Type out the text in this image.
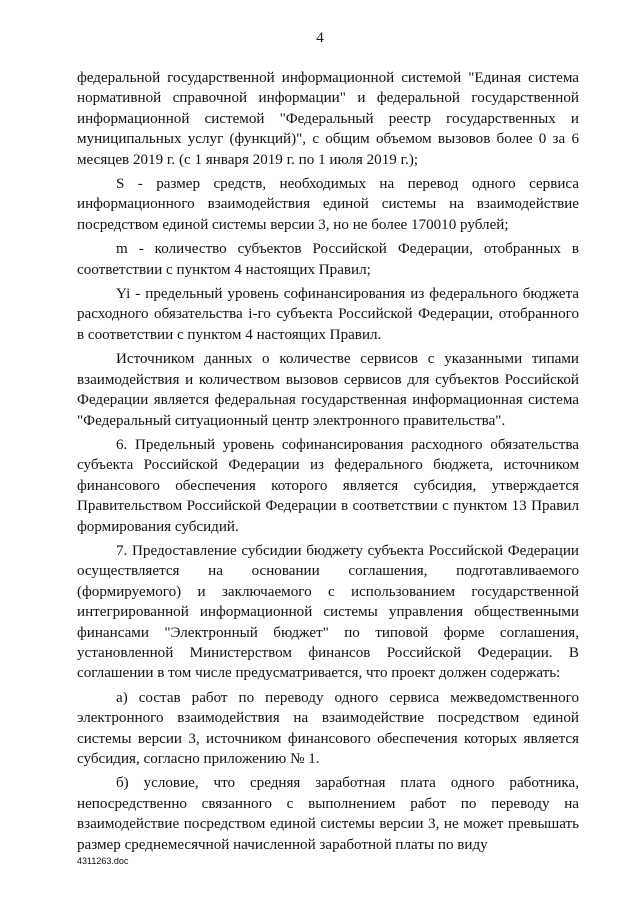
4

федеральной государственной информационной системой "Единая система нормативной справочной информации" и федеральной государственной информационной системой "Федеральный реестр государственных и муниципальных услуг (функций)", с общим объемом вызовов более 0 за 6 месяцев 2019 г. (с 1 января 2019 г. по 1 июля 2019 г.);

S - размер средств, необходимых на перевод одного сервиса информационного взаимодействия единой системы на взаимодействие посредством единой системы версии 3, но не более 170010 рублей;

m - количество субъектов Российской Федерации, отобранных в соответствии с пунктом 4 настоящих Правил;

Yi - предельный уровень софинансирования из федерального бюджета расходного обязательства i-го субъекта Российской Федерации, отобранного в соответствии с пунктом 4 настоящих Правил.

Источником данных о количестве сервисов с указанными типами взаимодействия и количеством вызовов сервисов для субъектов Российской Федерации является федеральная государственная информационная система "Федеральный ситуационный центр электронного правительства".

6. Предельный уровень софинансирования расходного обязательства субъекта Российской Федерации из федерального бюджета, источником финансового обеспечения которого является субсидия, утверждается Правительством Российской Федерации в соответствии с пунктом 13 Правил формирования субсидий.

7. Предоставление субсидии бюджету субъекта Российской Федерации осуществляется на основании соглашения, подготавливаемого (формируемого) и заключаемого с использованием государственной интегрированной информационной системы управления общественными финансами "Электронный бюджет" по типовой форме соглашения, установленной Министерством финансов Российской Федерации. В соглашении в том числе предусматривается, что проект должен содержать:

а) состав работ по переводу одного сервиса межведомственного электронного взаимодействия на взаимодействие посредством единой системы версии 3, источником финансового обеспечения которых является субсидия, согласно приложению № 1.

б) условие, что средняя заработная плата одного работника, непосредственно связанного с выполнением работ по переводу на взаимодействие посредством единой системы версии 3, не может превышать размер среднемесячной начисленной заработной платы по виду

4311263.doc
